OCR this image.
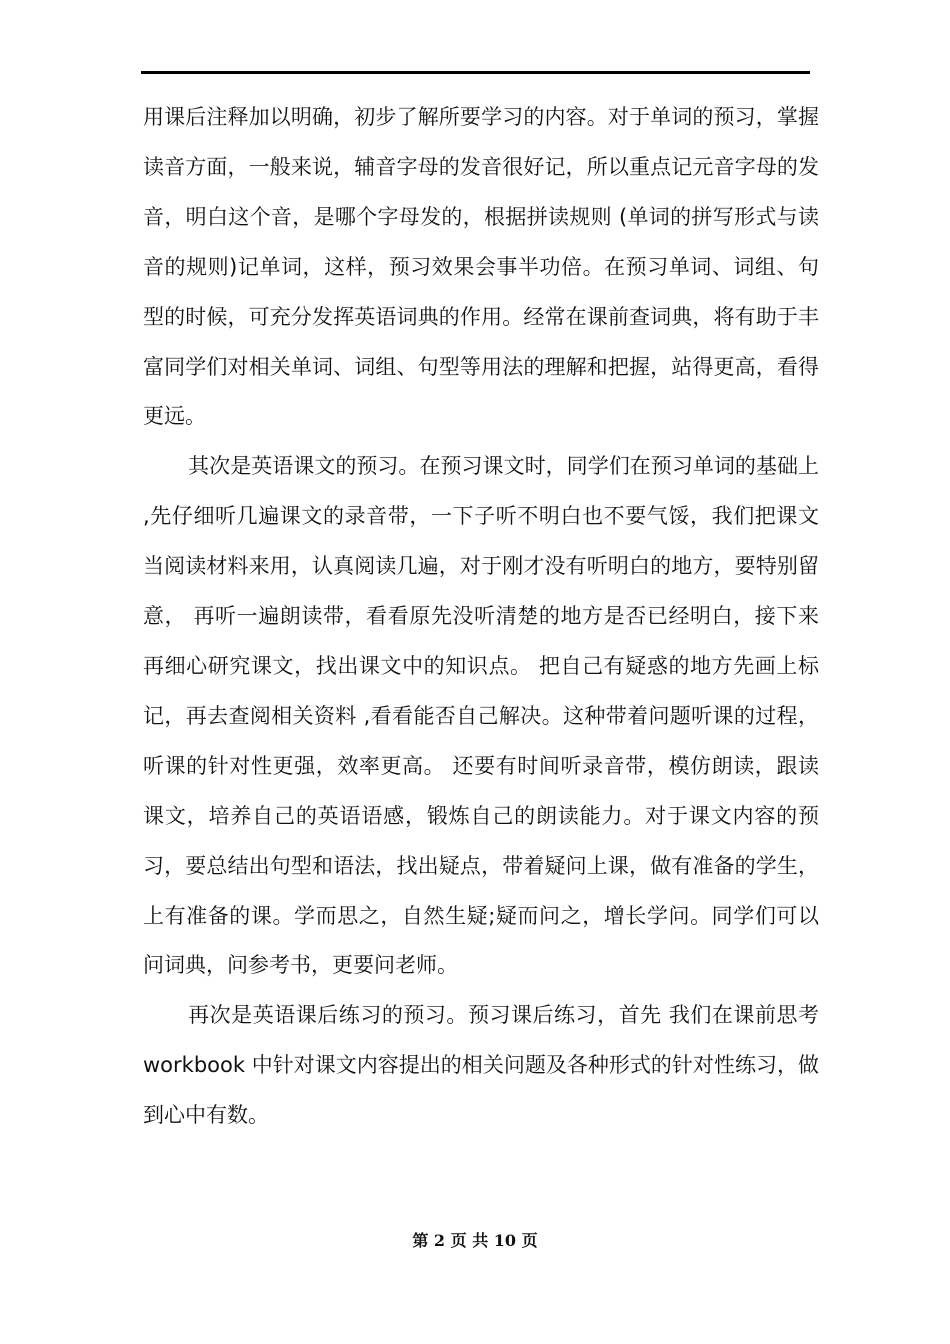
用课后注释加以明确，初步了解所要学习的内容。对于单词的预习，掌握读音方面，一般来说，辅音字母的发音很好记，所以重点记元音字母的发音，明白这个音，是哪个字母发的，根据拼读规则 (单词的拼写形式与读音的规则)记单词，这样，预习效果会事半功倍。在预习单词、词组、句型的时候，可充分发挥英语词典的作用。经常在课前查词典，将有助于丰富同学们对相关单词、词组、句型等用法的理解和把握，站得更高，看得更远。

其次是英语课文的预习。在预习课文时，同学们在预习单词的基础上 ,先仔细听几遍课文的录音带，一下子听不明白也不要气馁，我们把课文当阅读材料来用，认真阅读几遍，对于刚才没有听明白的地方，要特别留意， 再听一遍朗读带，看看原先没听清楚的地方是否已经明白，接下来再细心研究课文，找出课文中的知识点。 把自己有疑惑的地方先画上标记，再去查阅相关资料 ,看看能否自己解决。这种带着问题听课的过程，听课的针对性更强，效率更高。 还要有时间听录音带，模仿朗读，跟读课文，培养自己的英语语感，锻炼自己的朗读能力。对于课文内容的预习，要总结出句型和语法，找出疑点，带着疑问上课，做有准备的学生，上有准备的课。学而思之，自然生疑;疑而问之，增长学问。同学们可以问词典，问参考书，更要问老师。

再次是英语课后练习的预习。预习课后练习，首先 我们在课前思考 workbook 中针对课文内容提出的相关问题及各种形式的针对性练习，做到心中有数。

第 2 页 共 10 页
